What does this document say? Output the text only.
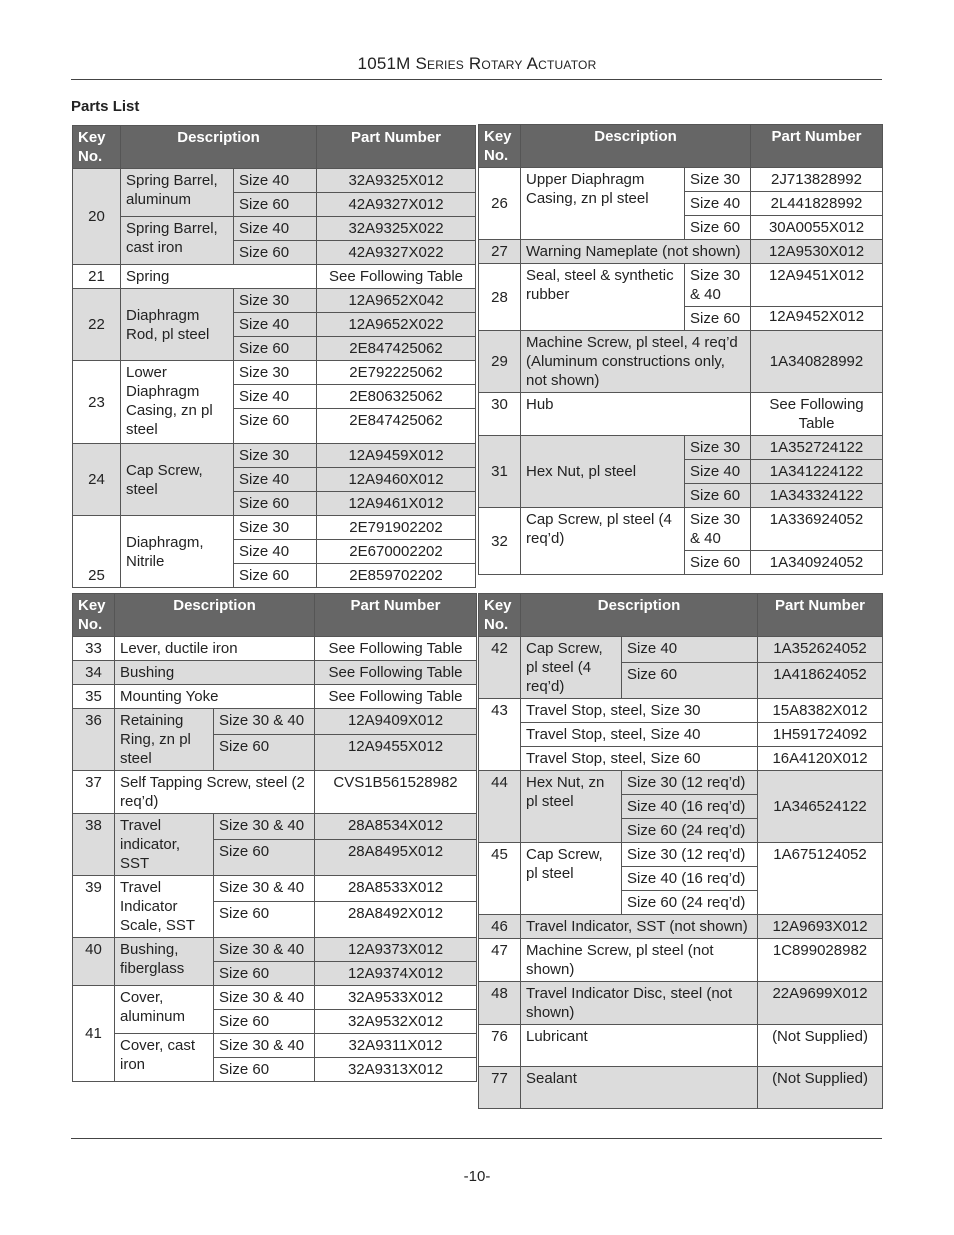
1051M Series Rotary Actuator
Parts List
Key No.	Description		Part Number
20	Spring Barrel, aluminum	Size 40	32A9325X012
		Size 60	42A9327X012
	Spring Barrel, cast iron	Size 40	32A9325X022
		Size 60	42A9327X022
21	Spring		See Following Table
22	Diaphragm Rod, pl steel	Size 30	12A9652X042
		Size 40	12A9652X022
		Size 60	2E847425062
23	Lower Diaphragm Casing, zn pl steel	Size 30	2E792225062
		Size 40	2E806325062
		Size 60	2E847425062
24	Cap Screw, steel	Size 30	12A9459X012
		Size 40	12A9460X012
		Size 60	12A9461X012
25	Diaphragm, Nitrile	Size 30	2E791902202
		Size 40	2E670002202
		Size 60	2E859702202
Key No.	Description		Part Number
26	Upper Diaphragm Casing, zn pl steel	Size 30	2J713828992
		Size 40	2L441828992
		Size 60	30A0055X012
27	Warning Nameplate (not shown)		12A9530X012
28	Seal, steel & synthetic rubber	Size 30 & 40	12A9451X012
		Size 60	12A9452X012
29	Machine Screw, pl steel, 4 req’d (Aluminum constructions only, not shown)		1A340828992
30	Hub		See Following Table
31	Hex Nut, pl steel	Size 30	1A352724122
		Size 40	1A341224122
		Size 60	1A343324122
32	Cap Screw, pl steel (4 req’d)	Size 30 & 40	1A336924052
		Size 60	1A340924052
Key No.	Description		Part Number
33	Lever, ductile iron		See Following Table
34	Bushing		See Following Table
35	Mounting Yoke		See Following Table
36	Retaining Ring, zn pl steel	Size 30 & 40	12A9409X012
		Size 60	12A9455X012
37	Self Tapping Screw, steel (2 req’d)		CVS1B561528982
38	Travel indicator, SST	Size 30 & 40	28A8534X012
		Size 60	28A8495X012
39	Travel Indicator Scale, SST	Size 30 & 40	28A8533X012
		Size 60	28A8492X012
40	Bushing, fiberglass	Size 30 & 40	12A9373X012
		Size 60	12A9374X012
41	Cover, aluminum	Size 30 & 40	32A9533X012
		Size 60	32A9532X012
	Cover, cast iron	Size 30 & 40	32A9311X012
		Size 60	32A9313X012
Key No.	Description		Part Number
42	Cap Screw, pl steel (4 req’d)	Size 40	1A352624052
		Size 60	1A418624052
43	Travel Stop, steel, Size 30		15A8382X012
	Travel Stop, steel, Size 40		1H591724092
	Travel Stop, steel, Size 60		16A4120X012
44	Hex Nut, zn pl steel	Size 30 (12 req’d)	1A346524122
		Size 40 (16 req’d)	
		Size 60 (24 req’d)	
45	Cap Screw, pl steel	Size 30 (12 req’d)	1A675124052
		Size 40 (16 req’d)	
		Size 60 (24 req’d)	
46	Travel Indicator, SST (not shown)		12A9693X012
47	Machine Screw, pl steel (not shown)		1C899028982
48	Travel Indicator Disc, steel (not shown)		22A9699X012
76	Lubricant		(Not Supplied)
77	Sealant		(Not Supplied)
-10-
